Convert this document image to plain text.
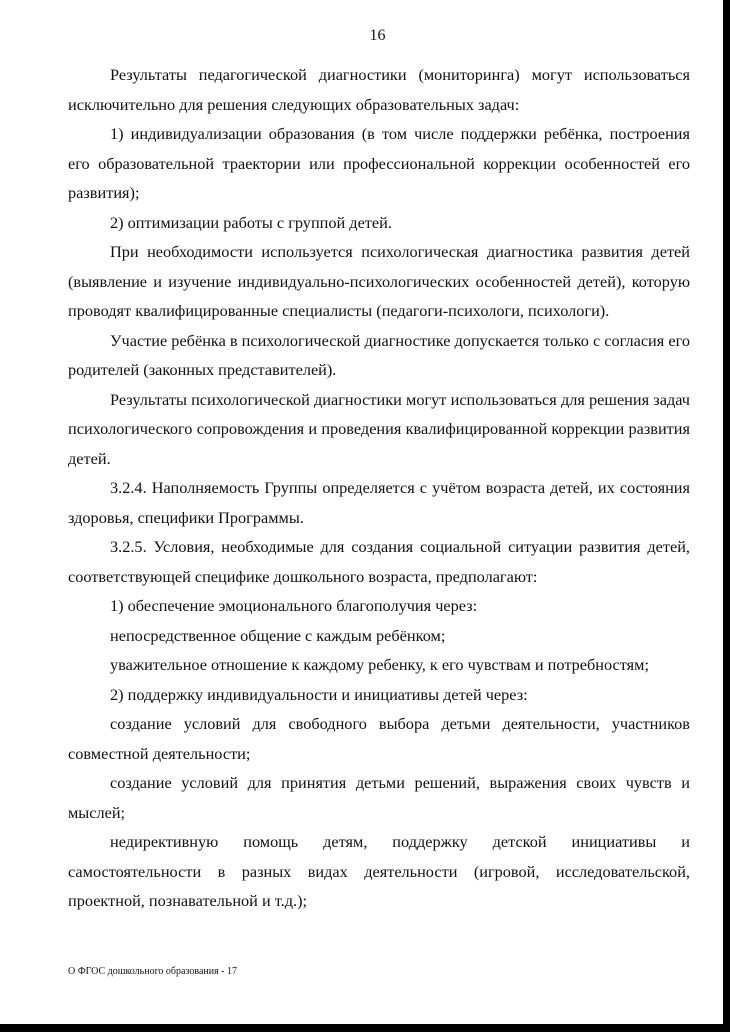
16

Результаты педагогической диагностики (мониторинга) могут использоваться исключительно для решения следующих образовательных задач:

1) индивидуализации образования (в том числе поддержки ребёнка, построения его образовательной траектории или профессиональной коррекции особенностей его развития);

2) оптимизации работы с группой детей.

При необходимости используется психологическая диагностика развития детей (выявление и изучение индивидуально-психологических особенностей детей), которую проводят квалифицированные специалисты (педагоги-психологи, психологи).

Участие ребёнка в психологической диагностике допускается только с согласия его родителей (законных представителей).

Результаты психологической диагностики могут использоваться для решения задач психологического сопровождения и проведения квалифицированной коррекции развития детей.

3.2.4. Наполняемость Группы определяется с учётом возраста детей, их состояния здоровья, специфики Программы.

3.2.5. Условия, необходимые для создания социальной ситуации развития детей, соответствующей специфике дошкольного возраста, предполагают:

1) обеспечение эмоционального благополучия через:

непосредственное общение с каждым ребёнком;

уважительное отношение к каждому ребенку, к его чувствам и потребностям;

2) поддержку индивидуальности и инициативы детей через:

создание условий для свободного выбора детьми деятельности, участников совместной деятельности;

создание условий для принятия детьми решений, выражения своих чувств и мыслей;

недирективную помощь детям, поддержку детской инициативы и самостоятельности в разных видах деятельности (игровой, исследовательской, проектной, познавательной и т.д.);

О ФГОС дошкольного образования - 17
